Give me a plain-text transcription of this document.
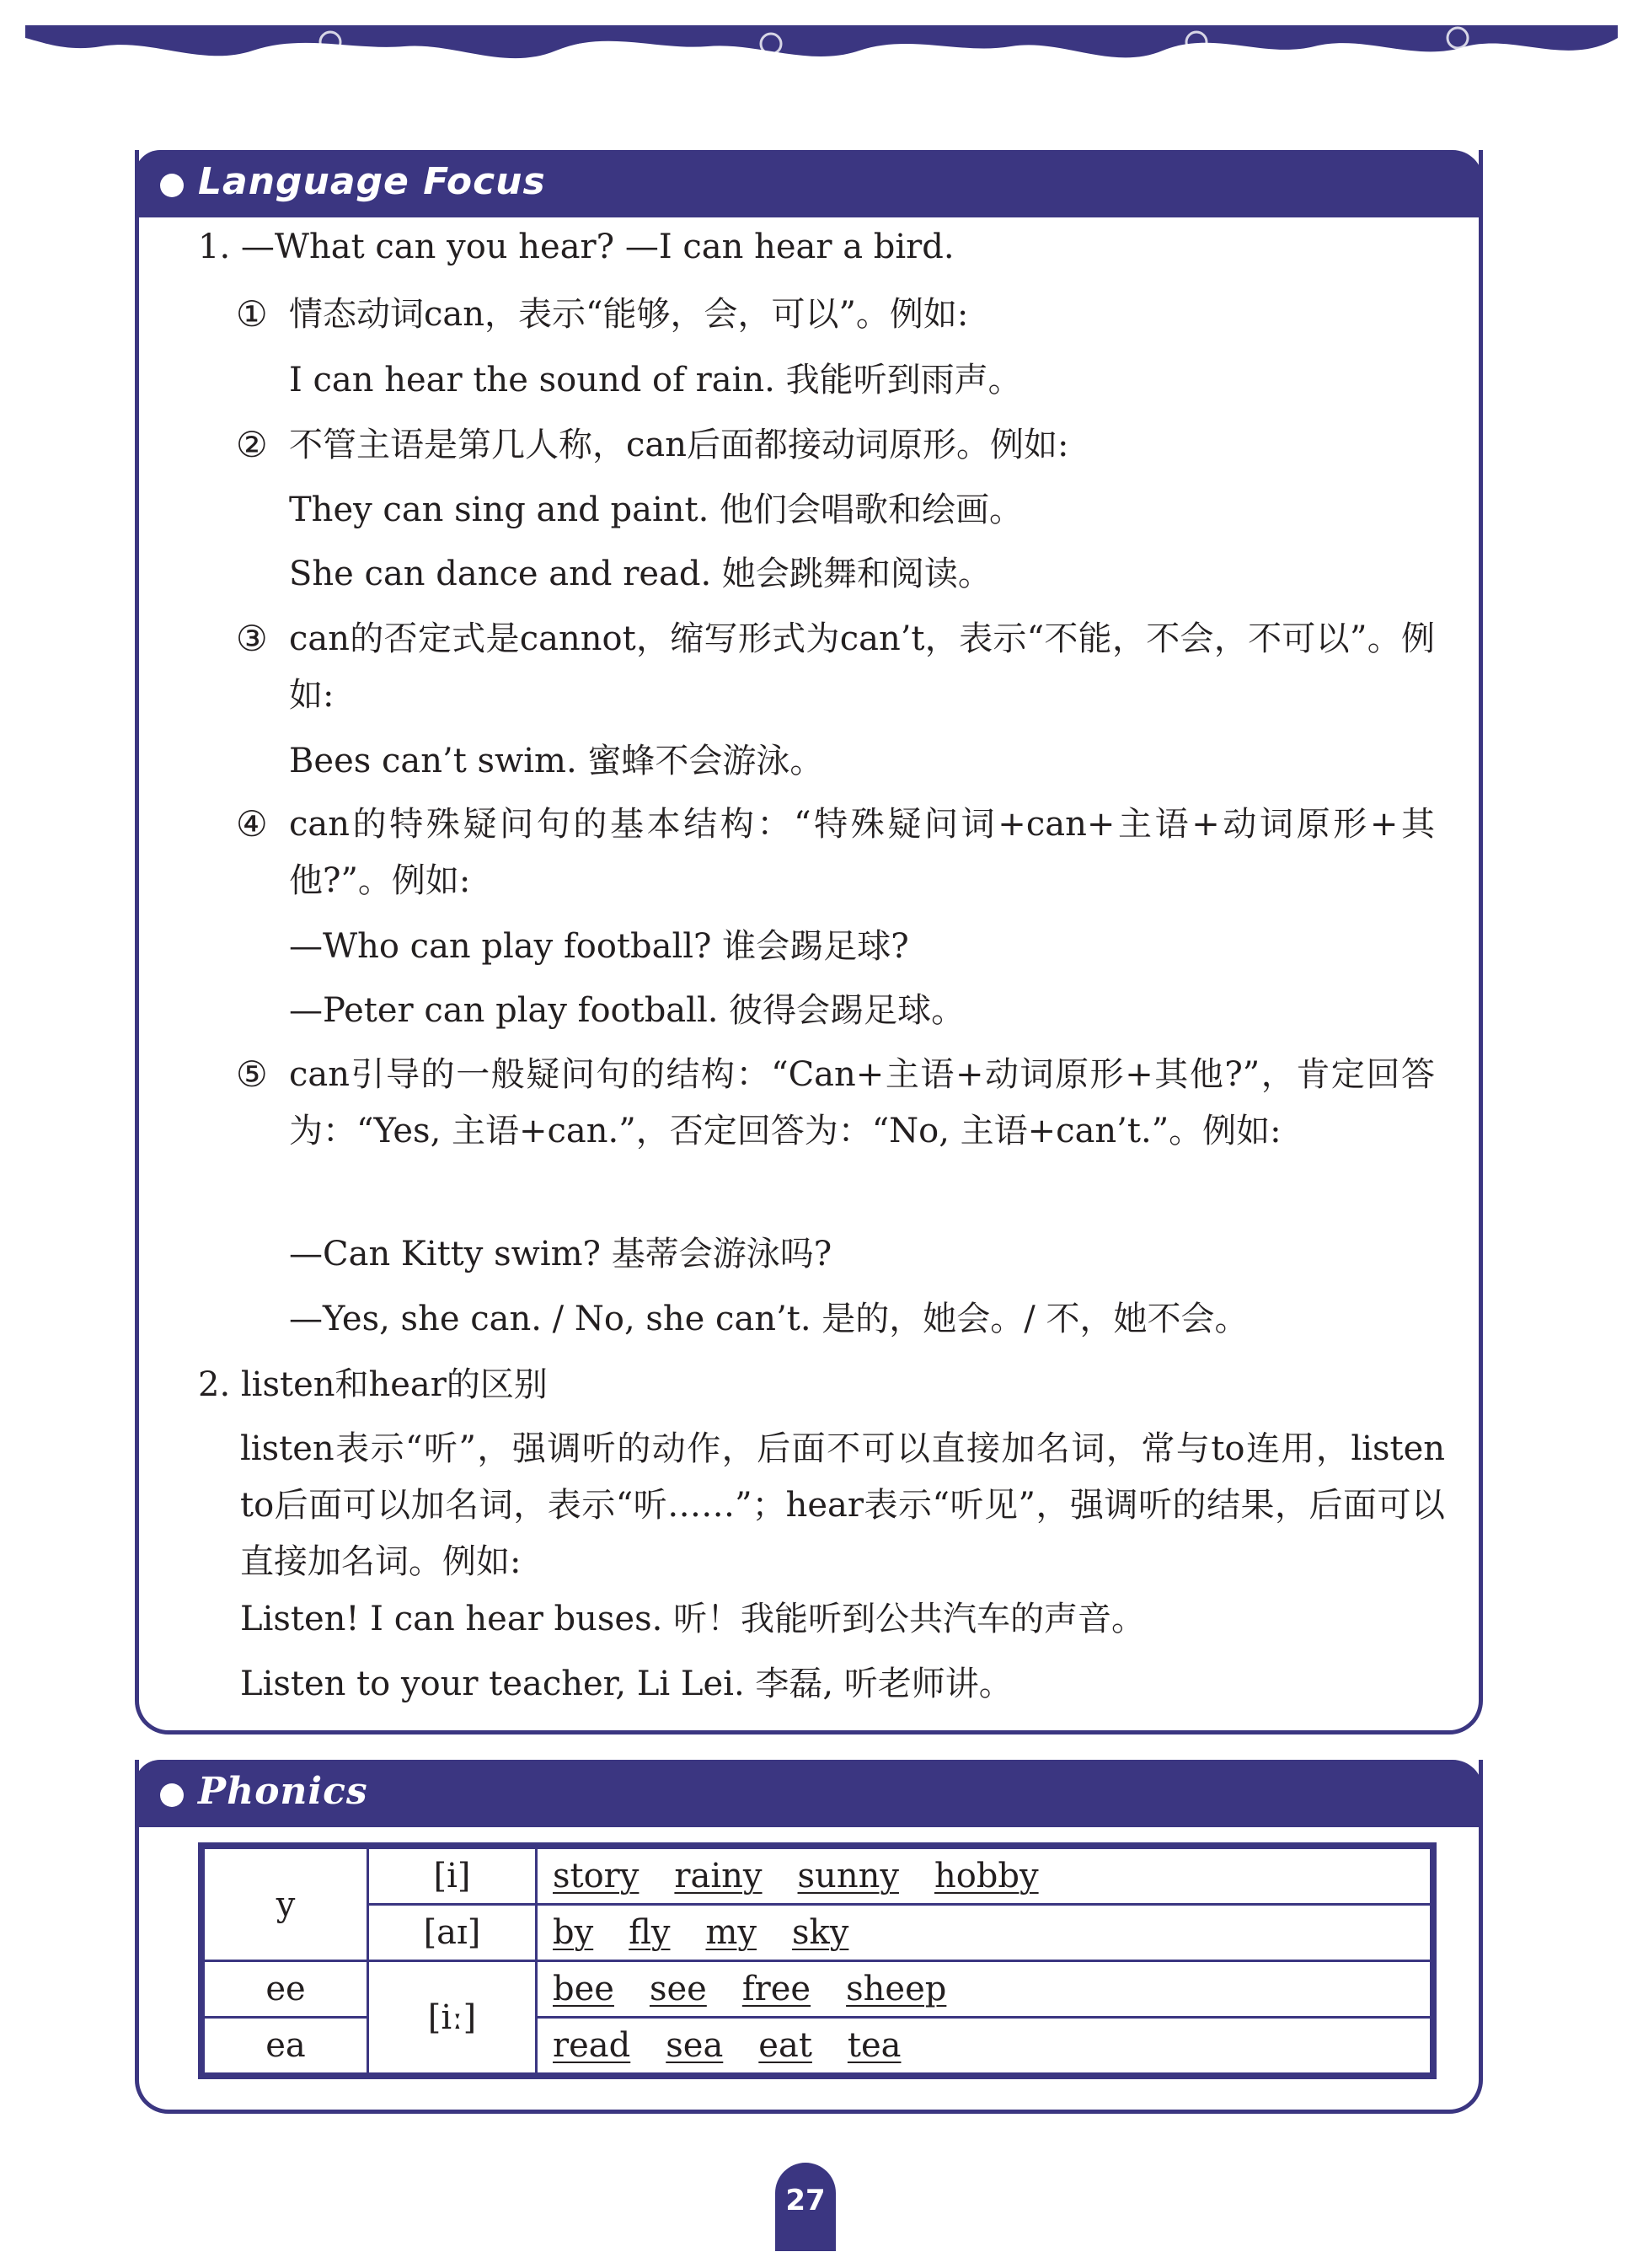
Language Focus
1. —What can you hear? —I can hear a bird.
① 情态动词can，表示“能够，会，可以”。例如:
I can hear the sound of rain. 我能听到雨声。
② 不管主语是第几人称，can后面都接动词原形。例如:
They can sing and paint. 他们会唱歌和绘画。
She can dance and read. 她会跳舞和阅读。
③ can的否定式是cannot，缩写形式为can’t，表示“不能，不会，不可以”。例如:
Bees can’t swim. 蜜蜂不会游泳。
④ can的特殊疑问句的基本结构：“特殊疑问词+can+主语+动词原形+其他?”。例如:
—Who can play football? 谁会踢足球?
—Peter can play football. 彼得会踢足球。
⑤ can引导的一般疑问句的结构：“Can+主语+动词原形+其他?”，肯定回答为：“Yes, 主语+can.”，否定回答为：“No, 主语+can’t.”。例如:
—Can Kitty swim? 基蒂会游泳吗?
—Yes, she can. / No, she can’t. 是的，她会。/ 不，她不会。
2. listen和hear的区别
listen表示“听”，强调听的动作，后面不可以直接加名词，常与to连用，listen to后面可以加名词，表示“听……”；hear表示“听见”，强调听的结果，后面可以直接加名词。例如:
Listen! I can hear buses. 听！我能听到公共汽车的声音。
Listen to your teacher, Li Lei. 李磊, 听老师讲。
Phonics
y	[i]	story rainy sunny hobby
	[aɪ]	by fly my sky
ee	[iː]	bee see free sheep
ea		read sea eat tea
27
